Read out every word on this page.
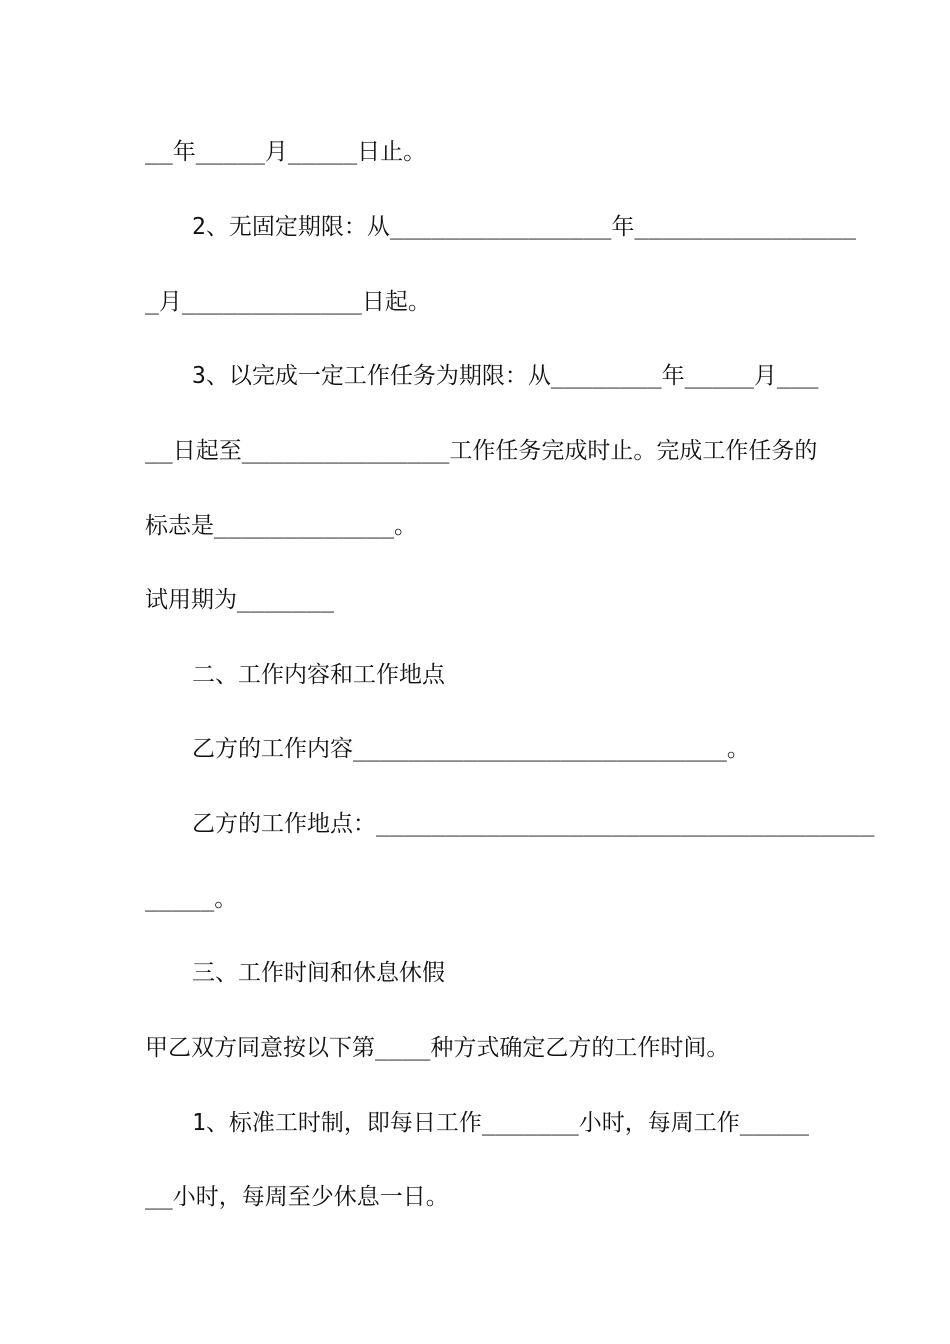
__年_____月_____日止。
2、无固定期限：从________________年________________
_月_____________日起。
3、以完成一定工作任务为期限：从________年_____月___
__日起至_______________工作任务完成时止。完成工作任务的
标志是_____________。
试用期为_______
二、工作内容和工作地点
乙方的工作内容___________________________。
乙方的工作地点：____________________________________
_____。
三、工作时间和休息休假
甲乙双方同意按以下第____种方式确定乙方的工作时间。
1、标准工时制，即每日工作_______小时，每周工作_____
__小时，每周至少休息一日。
